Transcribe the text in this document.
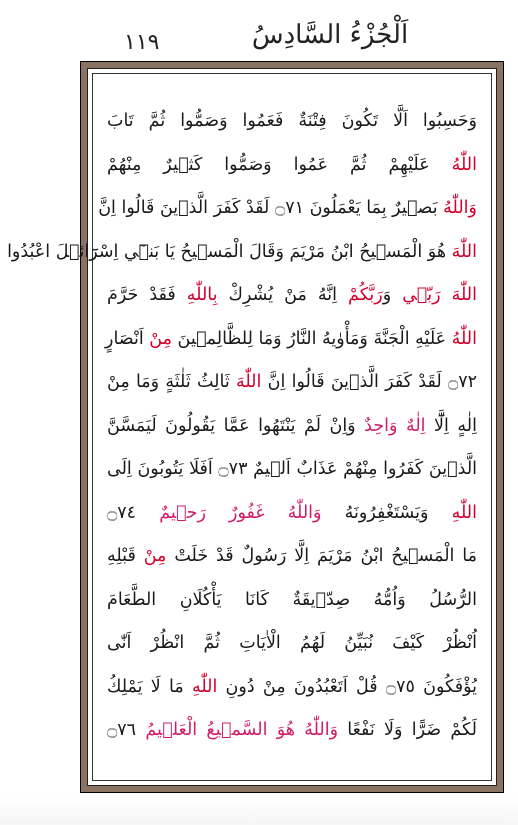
١١٩	اَلْجُزْءُ السَّادِسُ
وَحَسِبُوا اَلَّا تَكُونَ فِتْنَةٌ فَعَمُوا وَصَمُّوا ثُمَّ تَابَ
اللّٰهُ عَلَيْهِمْ ثُمَّ عَمُوا وَصَمُّوا كَث۪يرٌ مِنْهُمْ
وَاللّٰهُ بَص۪يرٌ بِمَا يَعْمَلُونَ ۝٧١ لَقَدْ كَفَرَ الَّذ۪ينَ قَالُوا اِنَّ
اللّٰهَ هُوَ الْمَس۪يحُ ابْنُ مَرْيَمَ وَقَالَ الْمَس۪يحُ يَا بَن۪ٓي اِسْرَٓائ۪لَ اعْبُدُوا
اللّٰهَ رَبّ۪ي وَرَبَّكُمْ اِنَّهُ مَنْ يُشْرِكْ بِاللّٰهِ فَقَدْ حَرَّمَ
اللّٰهُ عَلَيْهِ الْجَنَّةَ وَمَأْوٰيهُ النَّارُ وَمَا لِلظَّالِم۪ينَ مِنْ اَنْصَارٍ
۝٧٢ لَقَدْ كَفَرَ الَّذ۪ينَ قَالُوا اِنَّ اللّٰهَ ثَالِثُ ثَلٰثَةٍ وَمَا مِنْ
اِلٰهٍ اِلَّٓا اِلٰهٌ وَاحِدٌ وَاِنْ لَمْ يَنْتَهُوا عَمَّا يَقُولُونَ لَيَمَسَّنَّ
الَّذ۪ينَ كَفَرُوا مِنْهُمْ عَذَابٌ اَل۪يمٌ ۝٧٣ اَفَلَا يَتُوبُونَ اِلَى
اللّٰهِ وَيَسْتَغْفِرُونَهُ وَاللّٰهُ غَفُورٌ رَح۪يمٌ ۝٧٤
مَا الْمَس۪يحُ ابْنُ مَرْيَمَ اِلَّا رَسُولٌ قَدْ خَلَتْ مِنْ قَبْلِهِ
الرُّسُلُ وَاُمُّهُ صِدّ۪يقَةٌ كَانَا يَأْكُلَانِ الطَّعَامَ
اُنْظُرْ كَيْفَ نُبَيِّنُ لَهُمُ الْاٰيَاتِ ثُمَّ انْظُرْ اَنّٰى
يُؤْفَكُونَ ۝٧٥ قُلْ اَتَعْبُدُونَ مِنْ دُونِ اللّٰهِ مَا لَا يَمْلِكُ
لَكُمْ ضَرًّا وَلَا نَفْعًا وَاللّٰهُ هُوَ السَّم۪يعُ الْعَل۪يمُ ۝٧٦
